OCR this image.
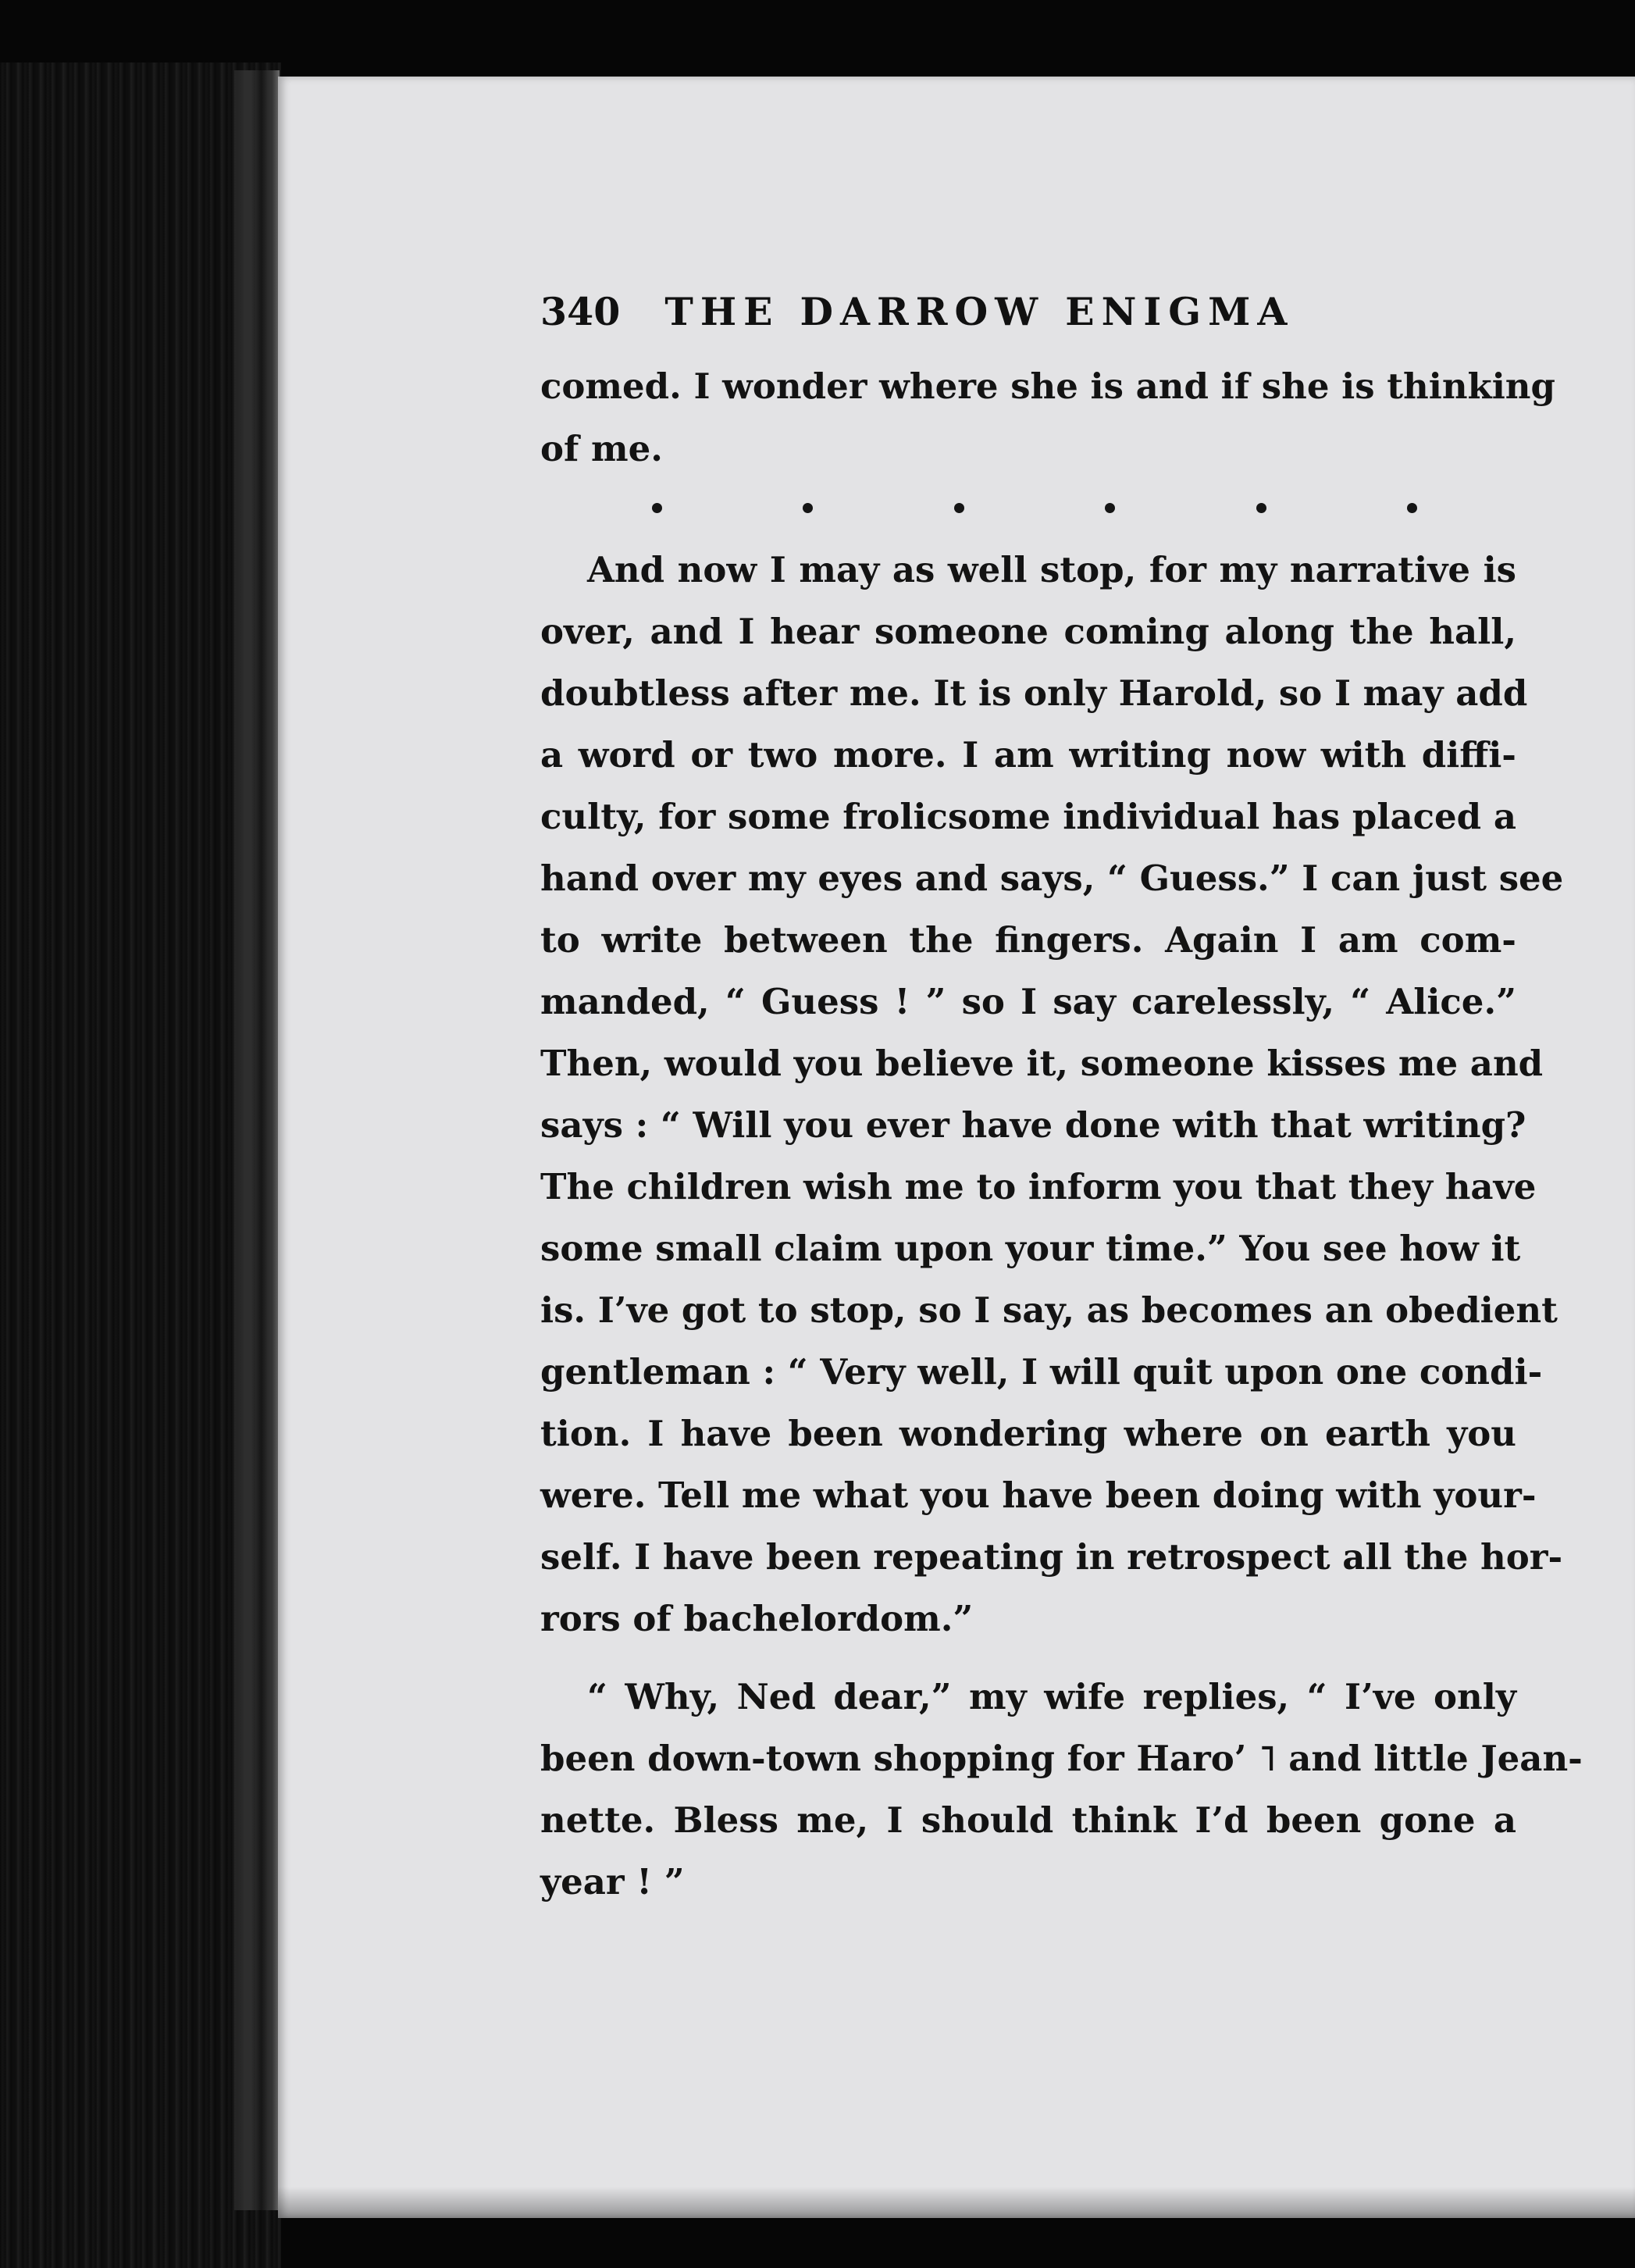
340 THE DARROW ENIGMA
comed. I wonder where she is and if she is thinking
of me.
And now I may as well stop, for my narrative is
over, and I hear someone coming along the hall,
doubtless after me. It is only Harold, so I may add
a word or two more. I am writing now with diffi-
culty, for some frolicsome individual has placed a
hand over my eyes and says, “ Guess.” I can just see
to write between the fingers. Again I am com-
manded, “ Guess ! ” so I say carelessly, “ Alice.”
Then, would you believe it, someone kisses me and
says : “ Will you ever have done with that writing?
The children wish me to inform you that they have
some small claim upon your time.” You see how it
is. I’ve got to stop, so I say, as becomes an obedient
gentleman : “ Very well, I will quit upon one condi-
tion. I have been wondering where on earth you
were. Tell me what you have been doing with your-
self. I have been repeating in retrospect all the hor-
rors of bachelordom.”
“ Why, Ned dear,” my wife replies, “ I’ve only
been down-town shopping for Haro’ ˥ and little Jean-
nette. Bless me, I should think I’d been gone a
year ! ”
